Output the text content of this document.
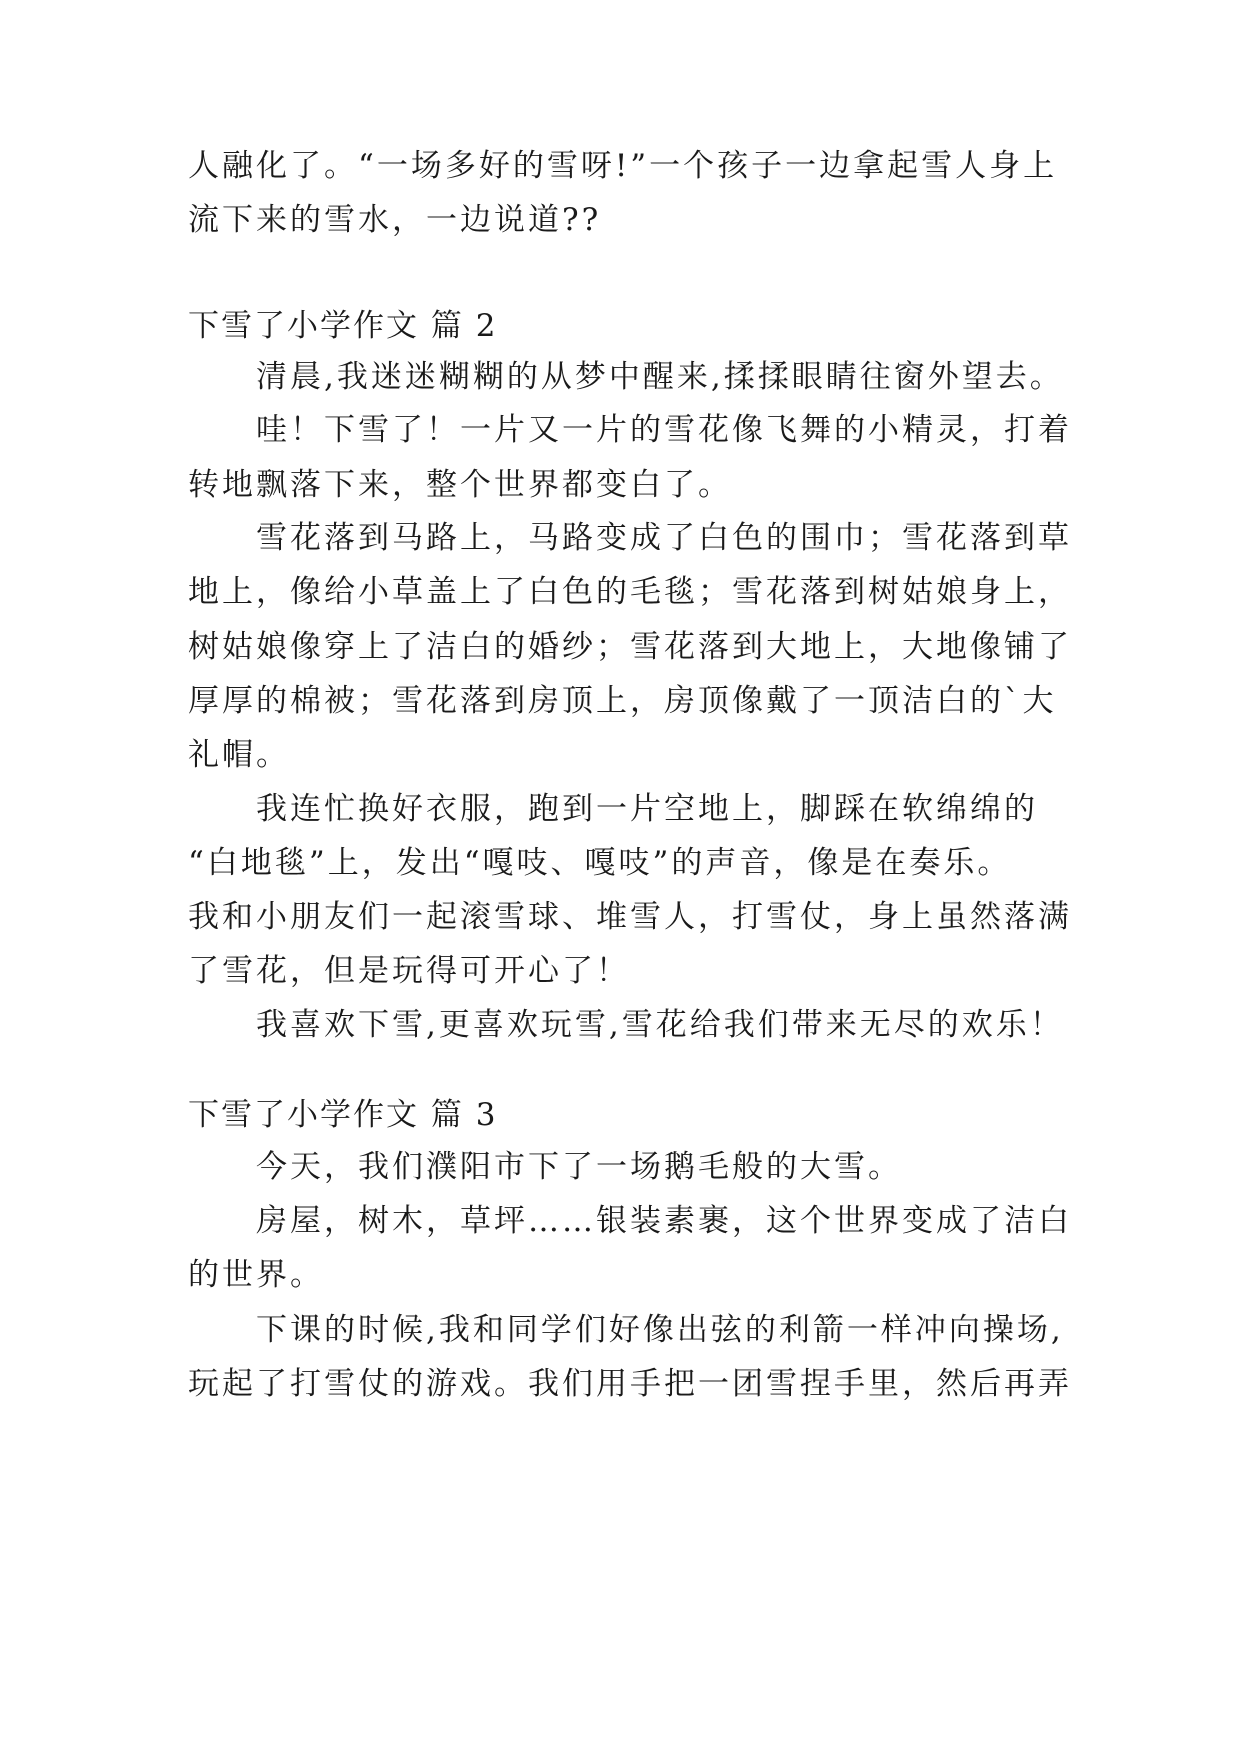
人融化了。“一场多好的雪呀!”一个孩子一边拿起雪人身上
流下来的雪水，一边说道??
下雪了小学作文 篇 2
清晨,我迷迷糊糊的从梦中醒来,揉揉眼睛往窗外望去。
哇！下雪了！一片又一片的雪花像飞舞的小精灵，打着
转地飘落下来，整个世界都变白了。
雪花落到马路上，马路变成了白色的围巾；雪花落到草
地上，像给小草盖上了白色的毛毯；雪花落到树姑娘身上，
树姑娘像穿上了洁白的婚纱；雪花落到大地上，大地像铺了
厚厚的棉被；雪花落到房顶上，房顶像戴了一顶洁白的`大
礼帽。
我连忙换好衣服，跑到一片空地上，脚踩在软绵绵的
“白地毯”上，发出“嘎吱、嘎吱”的声音，像是在奏乐。
我和小朋友们一起滚雪球、堆雪人，打雪仗，身上虽然落满
了雪花，但是玩得可开心了！
我喜欢下雪,更喜欢玩雪,雪花给我们带来无尽的欢乐！
下雪了小学作文 篇 3
今天，我们濮阳市下了一场鹅毛般的大雪。
房屋，树木，草坪……银装素裹，这个世界变成了洁白
的世界。
下课的时候,我和同学们好像出弦的利箭一样冲向操场,
玩起了打雪仗的游戏。我们用手把一团雪捏手里，然后再弄
